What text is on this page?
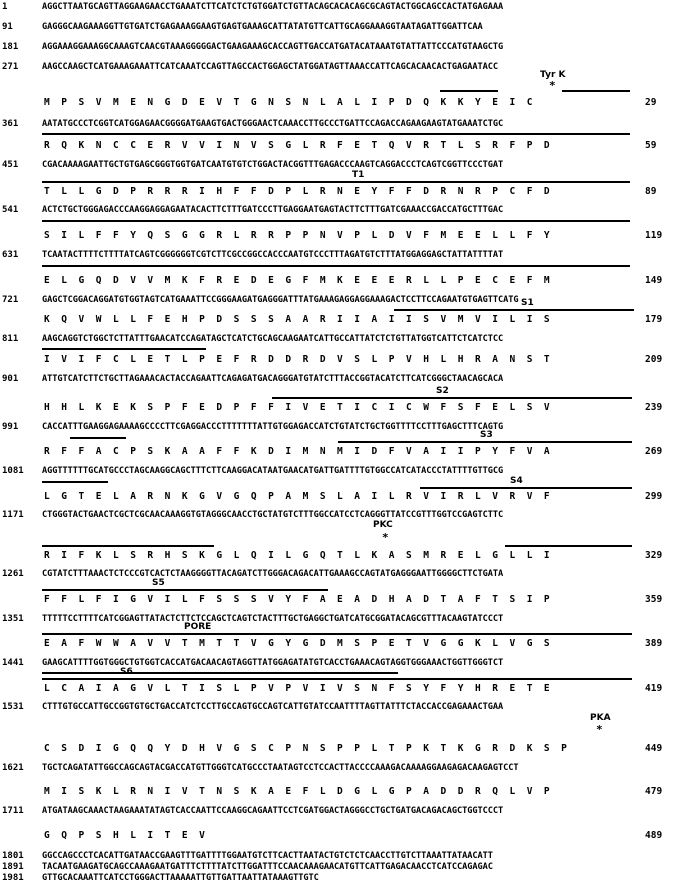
1	AGGCTTAATGCAGTTAGGAAGAACCTGAAATCTTCATCTCTGTGGATCTGTTACAGCACACAGCGCAGTACTGGCAGCCACTATGAGAAA
91	GAGGGCAAGAAAGGTTGTGATCTGAGAAAGGAAGTGAGTGAAAGCATTATATGTTCATTGCAGGAAAGGTAATAGATTGGATTCAA
181	AGGAAAGGAAAGGCAAAGTCAACGTAAAGGGGGACTGAAGAAAGCACCAGTTGACCATGATACATAAATGTATTATTCCCATGTAAGCTG
271	AAGCCAAGCTCATGAAAGAAATTCATCAAATCCAGTTAGCCACTGGAGCTATGGATAGTTAAACCATTCAGCACAACACTGAGAATACC
Tyr K
*
M P S V M E N G D E V T G N S N L A L I P D Q K K Y E I C	29
361	AATATGCCCTCGGTCATGGAGAACGGGGATGAAGTGACTGGGAACTCAAACCTTGCCCTGATTCCAGACCAGAAGAAGTATGAAATCTGC
R Q K N C C E R V V I N V S G L R F E T Q V R T L S R F P D	59
451	CGACAAAAGAATTGCTGTGAGCGGGTGGTGATCAATGTGTCTGGACTACGGTTTGAGACCCAAGTCAGGACCCTCAGTCGGTTCCCTGAT
T1
T L L G D P R R R I H F F D P L R N E Y F F D R N R P C F D	89
541	ACTCTGCTGGGAGACCCAAGGAGGAGAATACACTTCTTTGATCCCTTGAGGAATGAGTACTTCTTTGATCGAAACCGACCATGCTTTGAC
S I L F F Y Q S G G R L R R P P N V P L D V F M E E L L F Y	119
631	TCAATACTTTTCTTTTATCAGTCGGGGGGTCGTCTTCGCCGGCCACCCAATGTCCCTTTAGATGTCTTTATGGAGGAGCTATTATTTTAT
E L G Q D V V M K F R E D E G F M K E E E R L L P E C E F M	149
721	GAGCTCGGACAGGATGTGGTAGTCATGAAATTCCGGGAAGATGAGGGATTTATGAAAGAGGAGGAAAGACTCCTTCCAGAATGTGAGTTCATG S1
K Q V W L L F E H P D S S S A A R I I A I I S V M V I L I S	179
811	AAGCAGGTCTGGCTCTTATTTGAACATCCAGATAGCTCATCTGCAGCAAGAATCATTGCCATTATCTCTGTTATGGTCATTCTCATCTCC
I V I F C L E T L P E F R D D R D V S L P V H L H R A N S T	209
901	ATTGTCATCTTCTGCTTAGAAACACTACCAGAATTCAGAGATGACAGGGATGTATCTTTACCGGTACATCTTCATCGGGCTAACAGCACA
S2
H H L K E K S P F E D P F F I V E T I C I C W F S F E L S V	239
991	CACCATTTGAAGGAGAAAAGCCCCTTCGAGGACCCTTTTTTTATTGTGGAGACCATCTGTATCTGCTGGTTTTCCTTTGAGCTTTCAGTG
S3
R F F A C P S K A A F F K D I M N M I D F V A I I P Y F V A	269
1081	AGGTTTTTTGCATGCCCTAGCAAGGCAGCTTTCTTCAAGGACATAATGAACATGATTGATTTTGTGGCCATCATACCCTATTTTGTTGCG
S4
L G T E L A R N K G V G Q P A M S L A I L R V I R L V R V F	299
1171	CTGGGTACTGAACTCGCTCGCAACAAAGGTGTAGGGCAACCTGCTATGTCTTTGGCCATCCTCAGGGTTATCCGTTTGGTCCGAGTCTTC
PKC
*
R I F K L S R H S K G L Q I L G Q T L K A S M R E L G L L I	329
1261	CGTATCTTTAAACTCTCCCGTCACTCTAAGGGGTTACAGATCTTGGGACAGACATTGAAAGCCAGTATGAGGGAATTGGGGCTTCTGATA
S5
F F L F I G V I L F S S S V Y F A E A D H A D T A F T S I P	359
1351	TTTTTCCTTTTCATCGGAGTTATACTCTTCTCCAGCTCAGTCTACTTTGCTGAGGCTGATCATGCGGATACAGCGTTTACAAGTATCCCT
PORE
E A F W W A V V T M T T V G Y G D M S P E T V G G K L V G S	389
1441	GAAGCATTTTGGTGGGCTGTGGTCACCATGACAACAGTAGGTTATGGAGATATGTCACCTGAAACAGTAGGTGGGAAACTGGTTGGGTCT
S6
L C A I A G V L T I S L P V P V I V S N F S Y F Y H R E T E	419
1531	CTTTGTGCCATTGCCGGTGTGCTGACCATCTCCTTGCCAGTGCCAGTCATTGTATCCAATTTTAGTTATTTCTACCACCGAGAAACTGAA
PKA
*
C S D I G Q Q Y D H V G S C P N S P P L T P K T K G R D K S P	449
1621	TGCTCAGATATTGGCCAGCAGTACGACCATGTTGGGTCATGCCCTAATAGTCCTCCACTTACCCCAAAGACAAAAGGAAGAGACAAGAGTCCT
M I S K L R N I V T N S K A E F L D G L G P A D D R Q L V P	479
1711	ATGATAAGCAAACTAAGAAATATAGTCACCAATTCCAAGGCAGAATTCCTCGATGGACTAGGGCCTGCTGATGACAGACAGCTGGTCCCT
G Q P S H L I T E V	489
1801	GGCCAGCCCTCACATTGATAACCGAAGTTTGATTTTGGAATGTCTTCACTTAATACTGTCTCTCAACCTTGTCTTAAATTATAACATT
1891	TACAATGAAGATGCAGCCAAAGAATGATTTCTTTTATCTTGGATTTCCAACAAAGAACATGTTCATTGAGACAACCTCATCCAGAGAC
1981	GTTGCACAAATTCATCCTGGGACTTAAAAATTGTTGATTAATTATAAAGTTGTC
